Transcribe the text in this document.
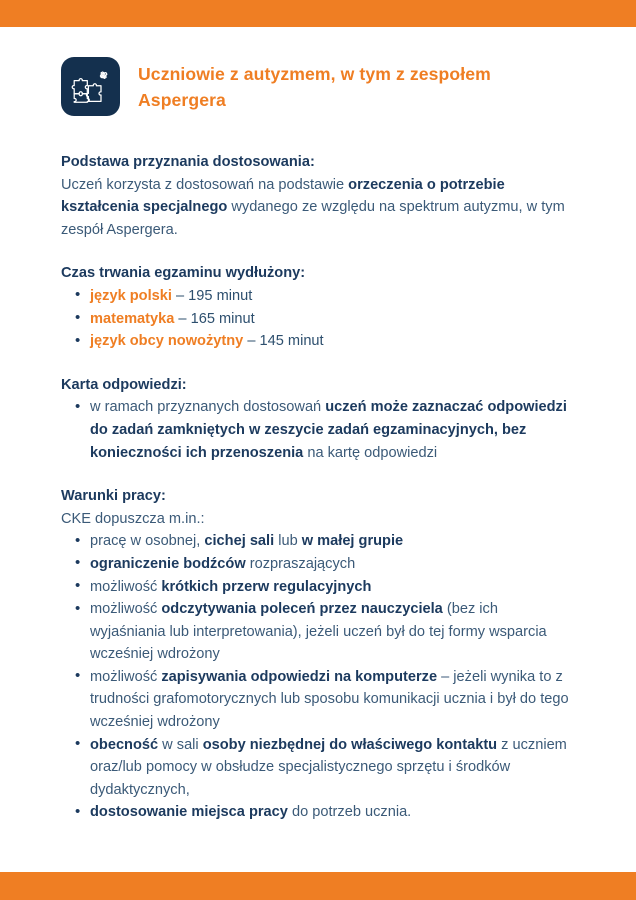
Uczniowie z autyzmem, w tym z zespołem Aspergera
Podstawa przyznania dostosowania:
Uczeń korzysta z dostosowań na podstawie orzeczenia o potrzebie kształcenia specjalnego wydanego ze względu na spektrum autyzmu, w tym zespół Aspergera.
Czas trwania egzaminu wydłużony:
• język polski – 195 minut
• matematyka – 165 minut
• język obcy nowożytny – 145 minut
Karta odpowiedzi:
• w ramach przyznanych dostosowań uczeń może zaznaczać odpowiedzi do zadań zamkniętych w zeszycie zadań egzaminacyjnych, bez konieczności ich przenoszenia na kartę odpowiedzi
Warunki pracy:
CKE dopuszcza m.in.:
• pracę w osobnej, cichej sali lub w małej grupie
• ograniczenie bodźców rozpraszających
• możliwość krótkich przerw regulacyjnych
• możliwość odczytywania poleceń przez nauczyciela (bez ich wyjaśniania lub interpretowania), jeżeli uczeń był do tej formy wsparcia wcześniej wdrożony
• możliwość zapisywania odpowiedzi na komputerze – jeżeli wynika to z trudności grafomotorycznych lub sposobu komunikacji ucznia i był do tego wcześniej wdrożony
• obecność w sali osoby niezbędnej do właściwego kontaktu z uczniem oraz/lub pomocy w obsłudze specjalistycznego sprzętu i środków dydaktycznych,
• dostosowanie miejsca pracy do potrzeb ucznia.
